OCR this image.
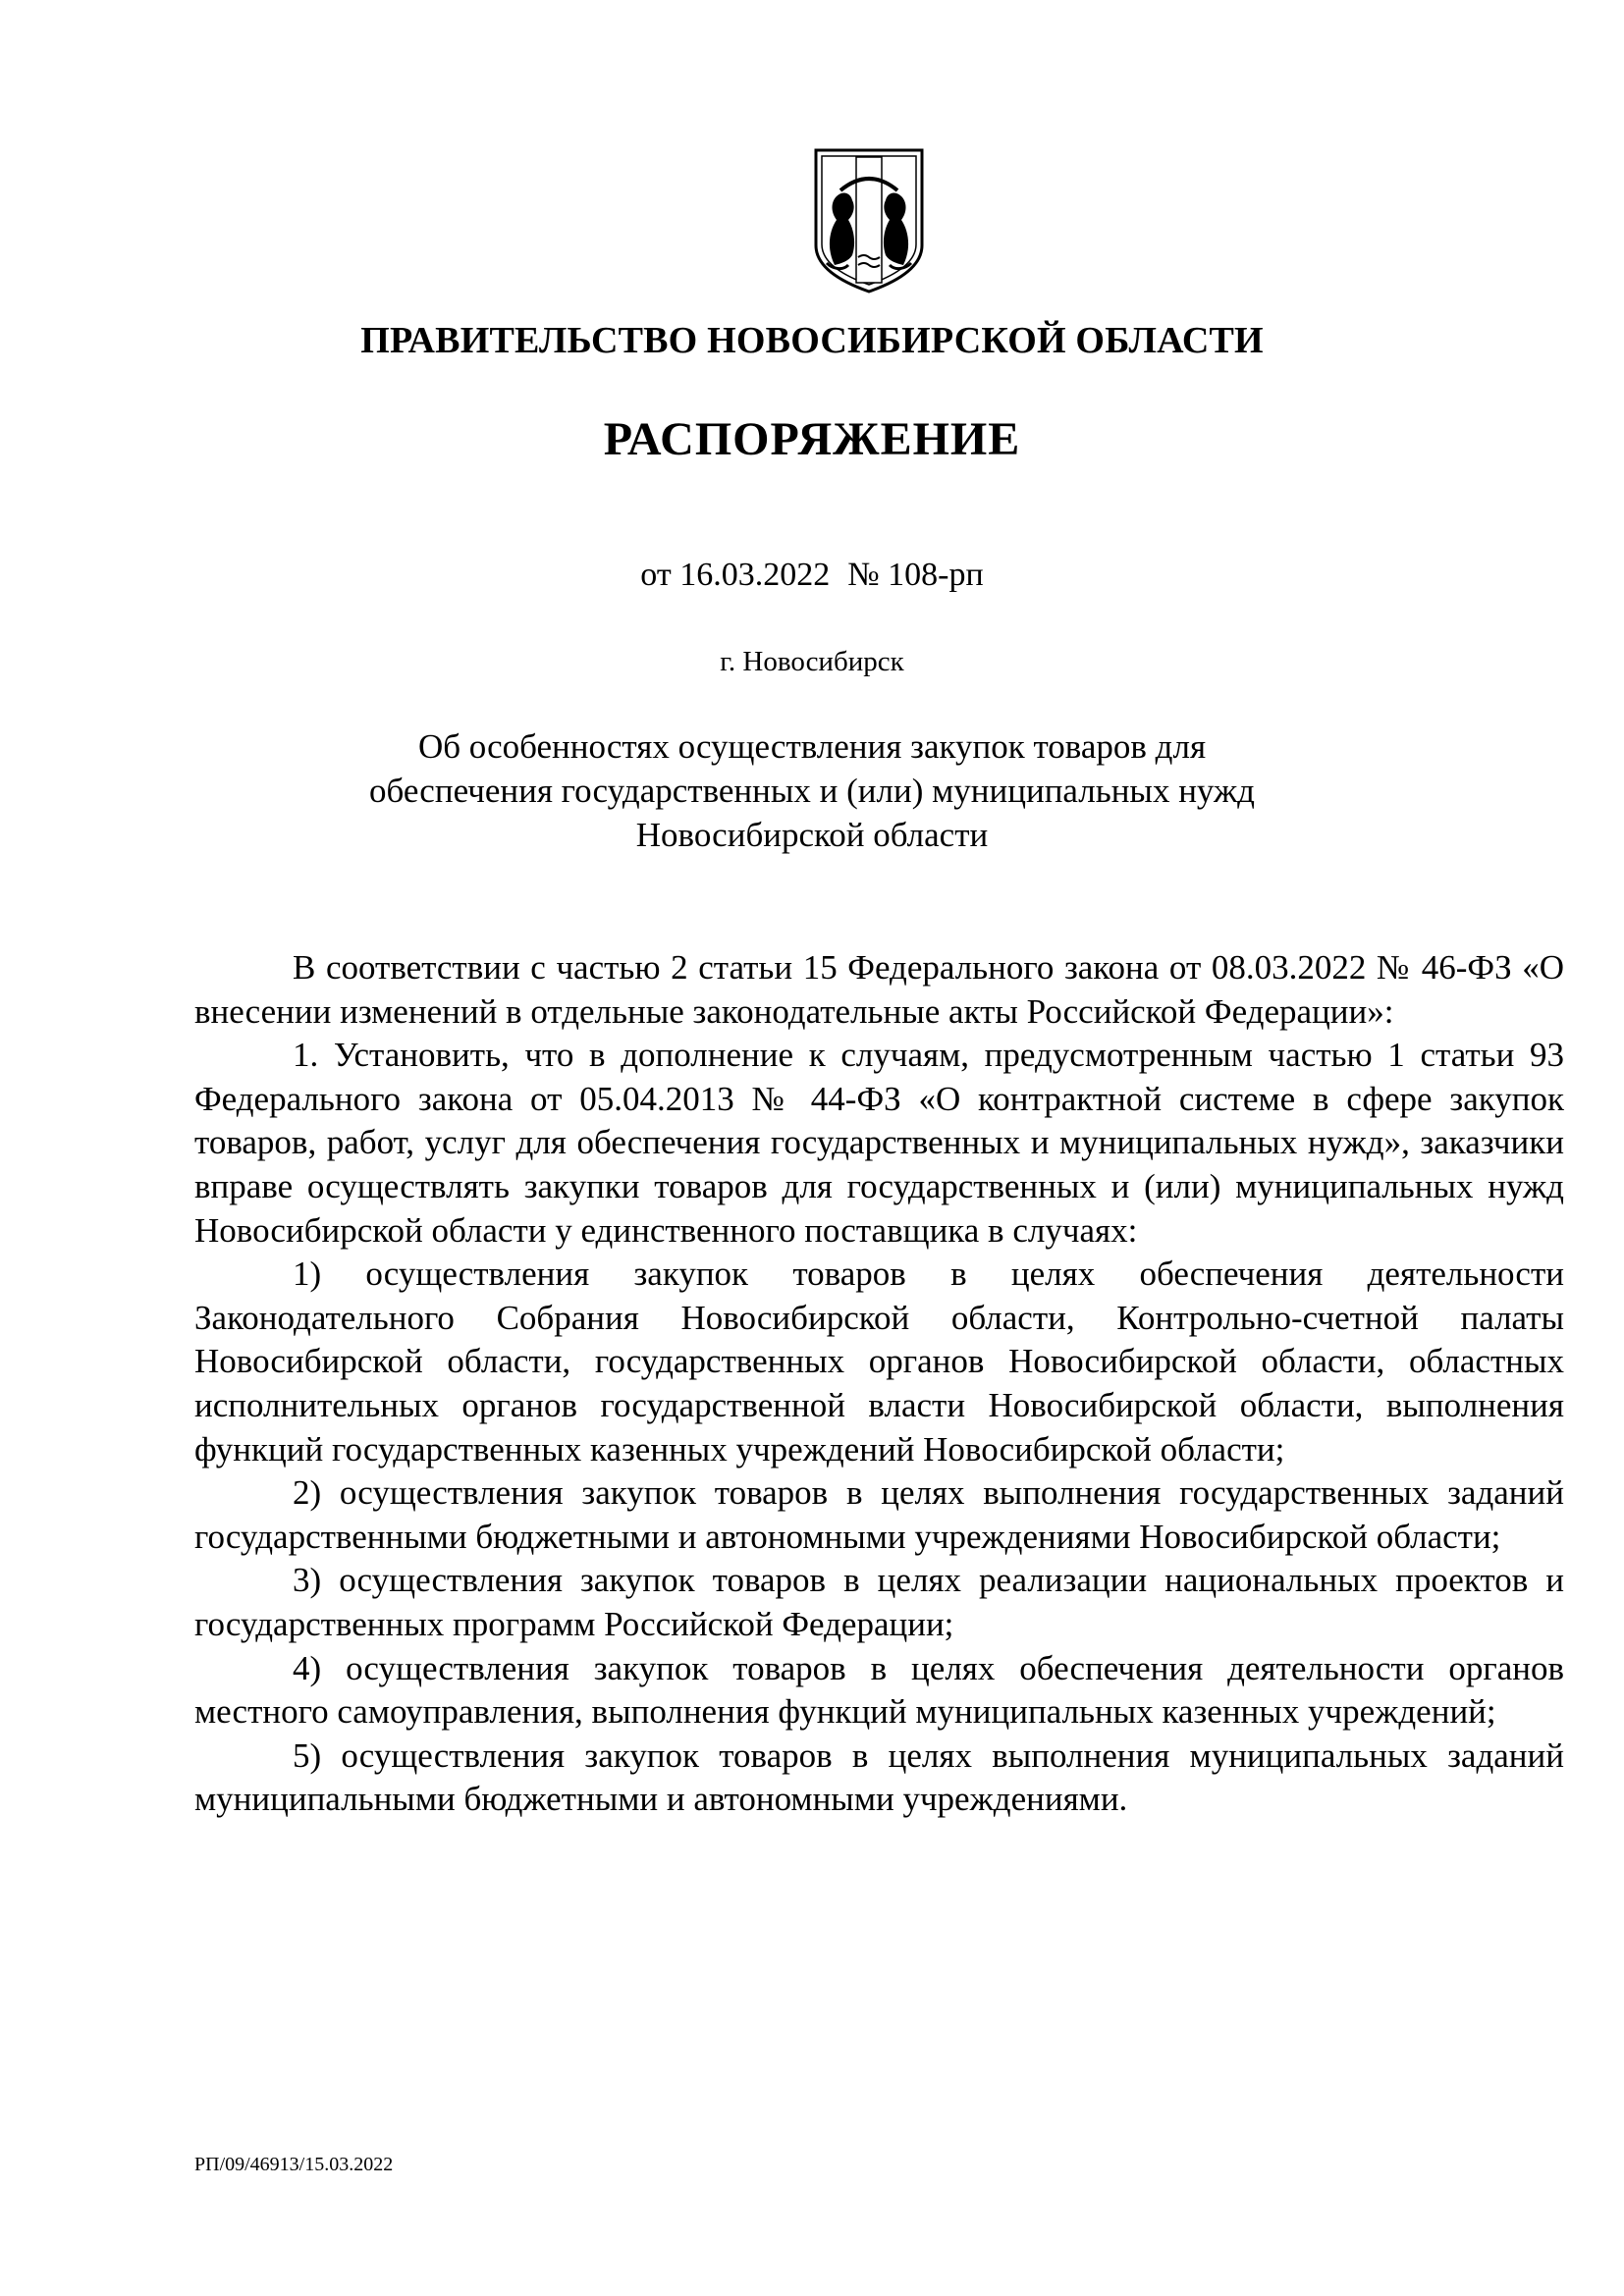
ПРАВИТЕЛЬСТВО НОВОСИБИРСКОЙ ОБЛАСТИ
РАСПОРЯЖЕНИЕ
от 16.03.2022 № 108-рп
г. Новосибирск
Об особенностях осуществления закупок товаров для
обеспечения государственных и (или) муниципальных нужд
Новосибирской области

В соответствии с частью 2 статьи 15 Федерального закона от 08.03.2022 № 46-ФЗ «О внесении изменений в отдельные законодательные акты Российской Федерации»:

1. Установить, что в дополнение к случаям, предусмотренным частью 1 статьи 93 Федерального закона от 05.04.2013 № 44-ФЗ «О контрактной системе в сфере закупок товаров, работ, услуг для обеспечения государственных и муниципальных нужд», заказчики вправе осуществлять закупки товаров для государственных и (или) муниципальных нужд Новосибирской области у единственного поставщика в случаях:

1) осуществления закупок товаров в целях обеспечения деятельности Законодательного Собрания Новосибирской области, Контрольно-счетной палаты Новосибирской области, государственных органов Новосибирской области, областных исполнительных органов государственной власти Новосибирской области, выполнения функций государственных казенных учреждений Новосибирской области;

2) осуществления закупок товаров в целях выполнения государственных заданий государственными бюджетными и автономными учреждениями Новосибирской области;

3) осуществления закупок товаров в целях реализации национальных проектов и государственных программ Российской Федерации;

4) осуществления закупок товаров в целях обеспечения деятельности органов местного самоуправления, выполнения функций муниципальных казенных учреждений;

5) осуществления закупок товаров в целях выполнения муниципальных заданий муниципальными бюджетными и автономными учреждениями.

РП/09/46913/15.03.2022
